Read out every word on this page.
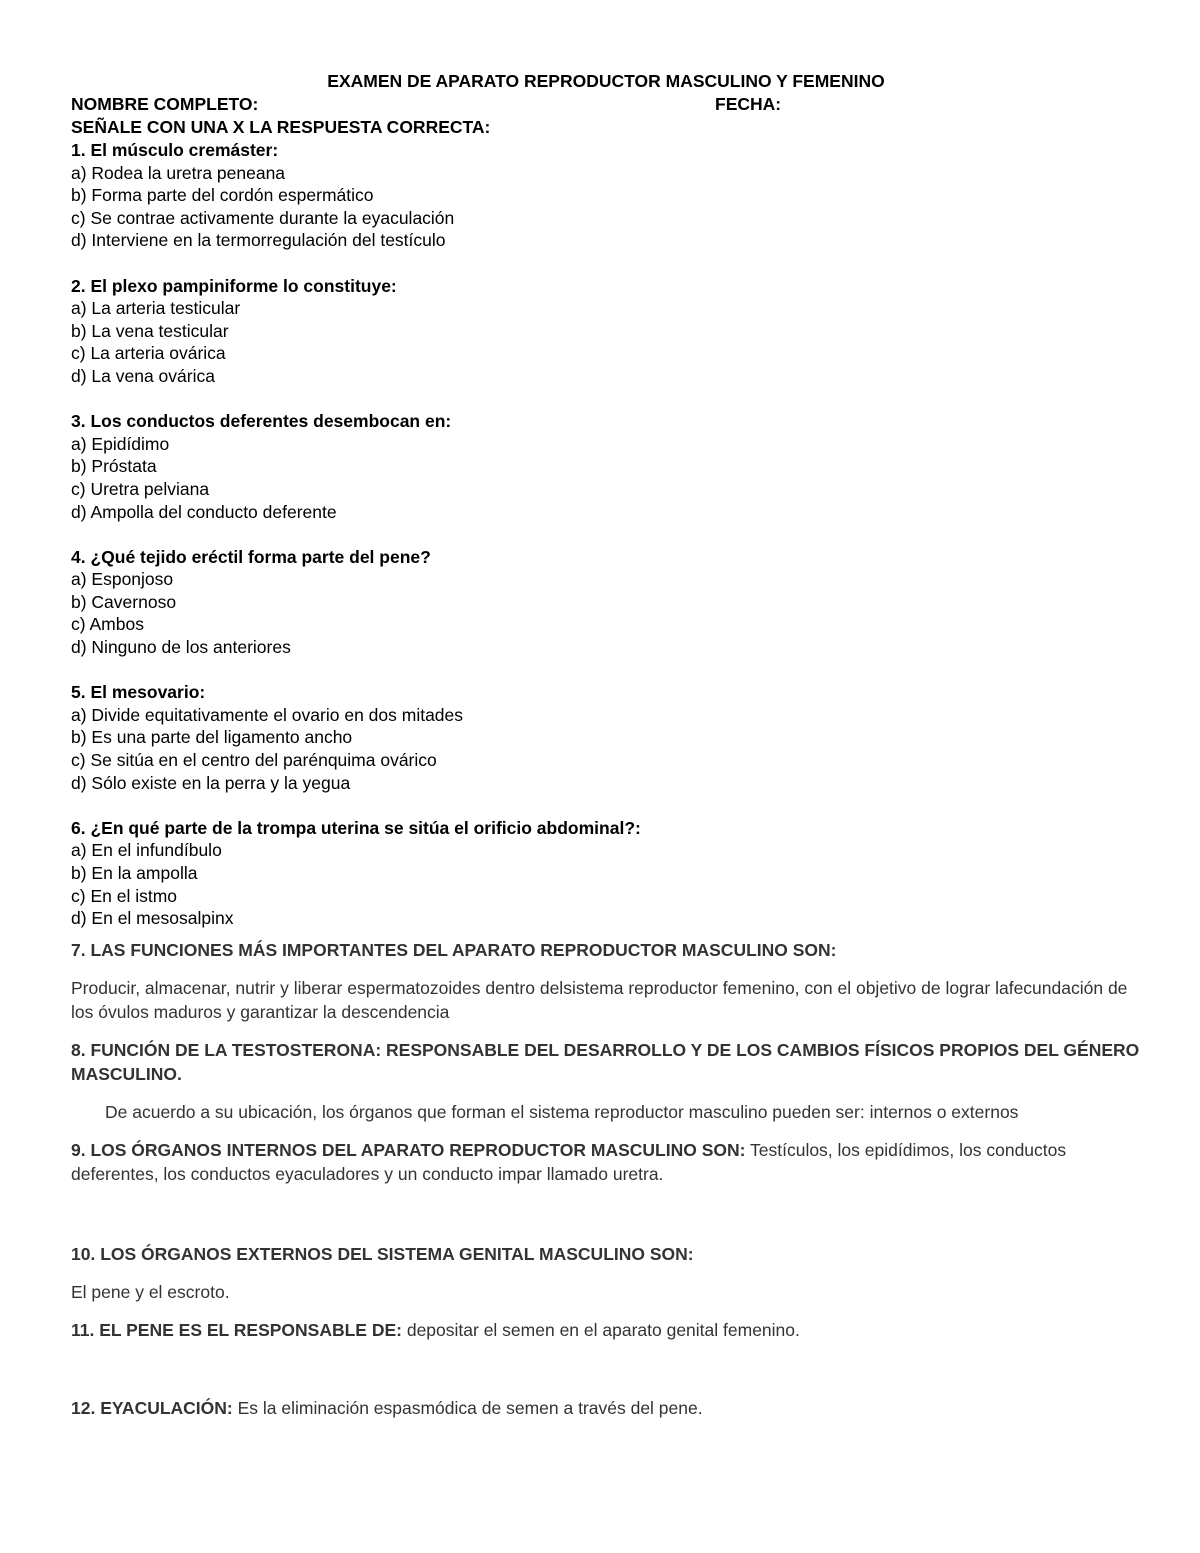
EXAMEN DE APARATO REPRODUCTOR MASCULINO Y FEMENINO
NOMBRE COMPLETO:	FECHA:
SEÑALE CON UNA X LA RESPUESTA CORRECTA:
1. El músculo cremáster:
a) Rodea la uretra peneana
b) Forma parte del cordón espermático
c) Se contrae activamente durante la eyaculación
d) Interviene en la termorregulación del testículo
2. El plexo pampiniforme lo constituye:
a) La arteria testicular
b) La vena testicular
c) La arteria ovárica
d) La vena ovárica
3. Los conductos deferentes desembocan en:
a) Epidídimo
b) Próstata
c) Uretra pelviana
d) Ampolla del conducto deferente
4. ¿Qué tejido eréctil forma parte del pene?
a) Esponjoso
b) Cavernoso
c) Ambos
d) Ninguno de los anteriores
5. El mesovario:
a) Divide equitativamente el ovario en dos mitades
b) Es una parte del ligamento ancho
c) Se sitúa en el centro del parénquima ovárico
d) Sólo existe en la perra y la yegua
6. ¿En qué parte de la trompa uterina se sitúa el orificio abdominal?:
a) En el infundíbulo
b) En la ampolla
c) En el istmo
d) En el mesosalpinx
7. LAS FUNCIONES MÁS IMPORTANTES DEL APARATO REPRODUCTOR MASCULINO SON:
Producir, almacenar, nutrir y liberar espermatozoides dentro delsistema reproductor femenino, con el objetivo de lograr lafecundación de los óvulos maduros y garantizar la descendencia
8. FUNCIÓN DE LA TESTOSTERONA: RESPONSABLE DEL DESARROLLO Y DE LOS CAMBIOS FÍSICOS PROPIOS DEL GÉNERO MASCULINO.
De acuerdo a su ubicación, los órganos que forman el sistema reproductor masculino pueden ser: internos o externos
9. LOS ÓRGANOS INTERNOS DEL APARATO REPRODUCTOR MASCULINO SON: Testículos, los epidídimos, los conductos deferentes, los conductos eyaculadores y un conducto impar llamado uretra.
10. LOS ÓRGANOS EXTERNOS DEL SISTEMA GENITAL MASCULINO SON:
El pene y el escroto.
11. EL PENE ES EL RESPONSABLE DE: depositar el semen en el aparato genital femenino.
12. EYACULACIÓN: Es la eliminación espasmódica de semen a través del pene.
